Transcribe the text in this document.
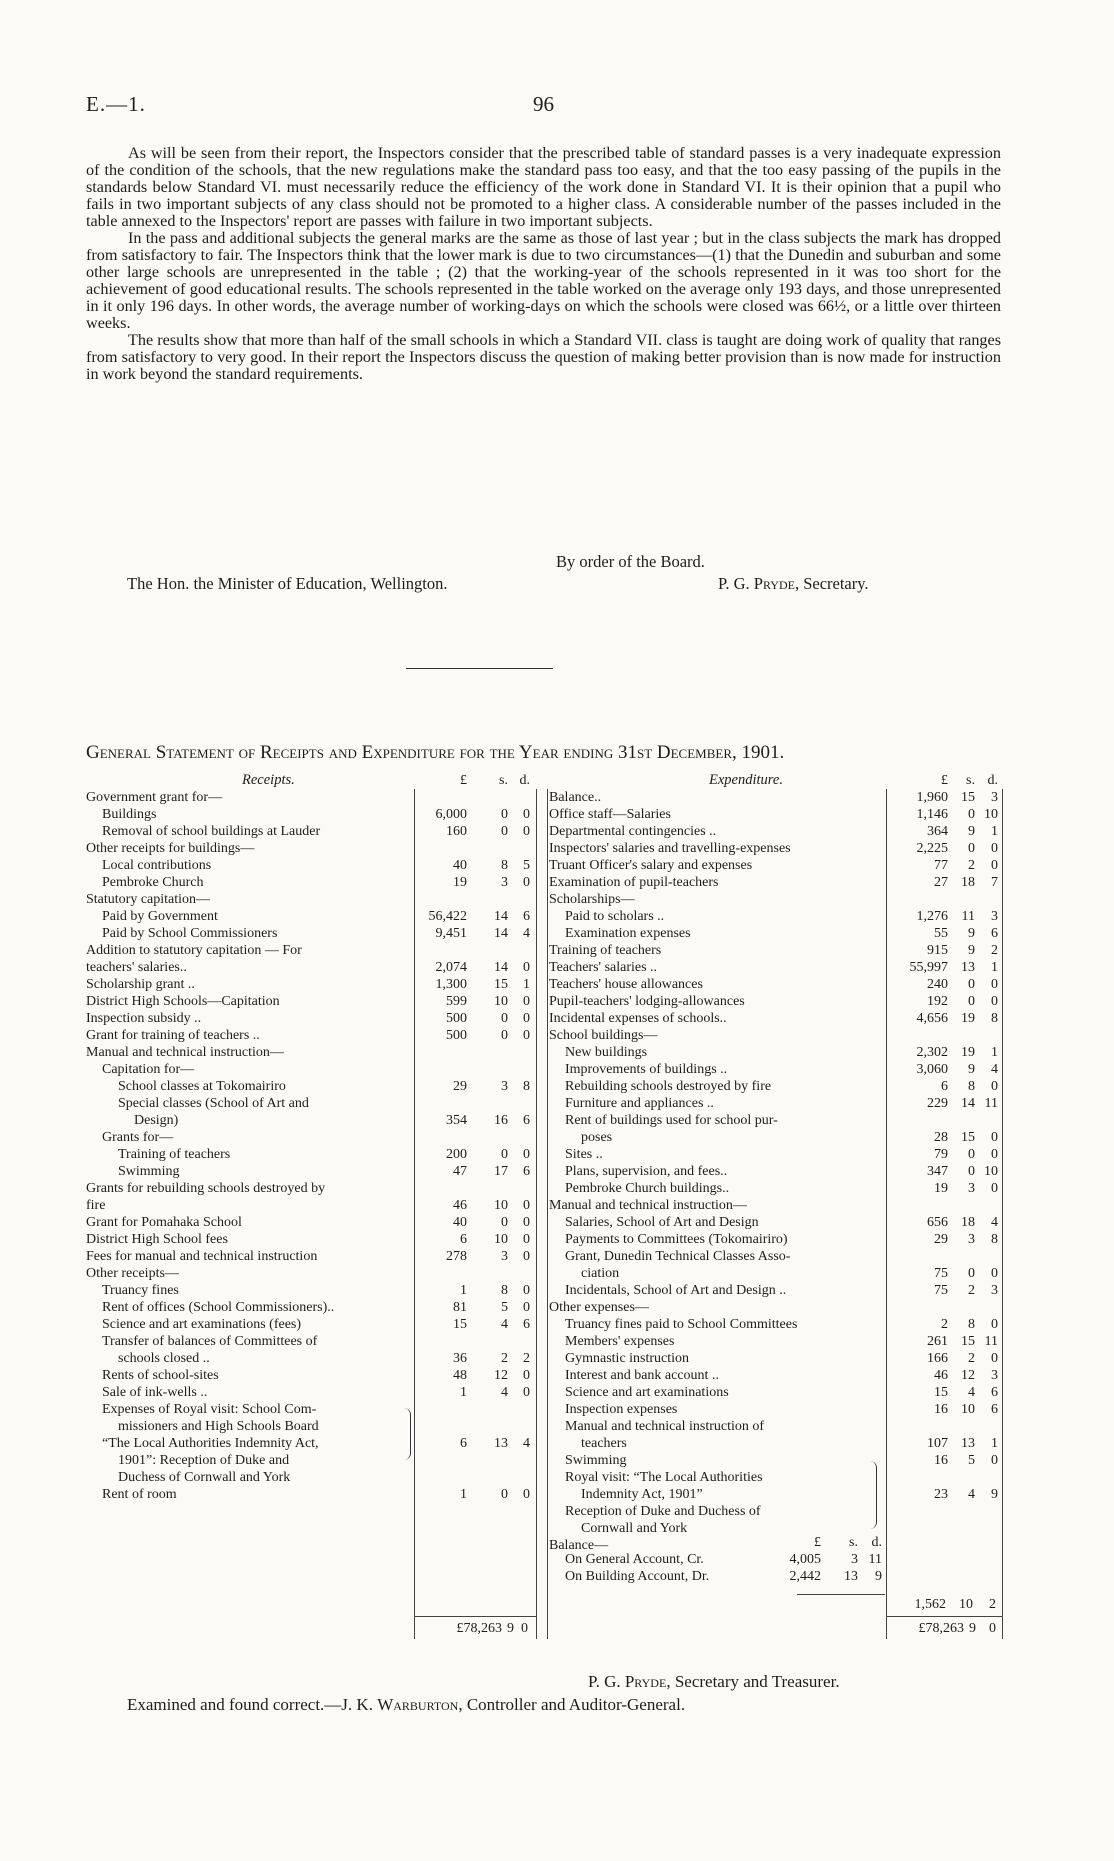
E.—1.	96

As will be seen from their report, the Inspectors consider that the prescribed table of standard passes is a very inadequate expression of the condition of the schools, that the new regulations make the standard pass too easy, and that the too easy passing of the pupils in the standards below Standard VI. must necessarily reduce the efficiency of the work done in Standard VI. It is their opinion that a pupil who fails in two important subjects of any class should not be promoted to a higher class. A considerable number of the passes included in the table annexed to the Inspectors' report are passes with failure in two important subjects.

In the pass and additional subjects the general marks are the same as those of last year ; but in the class subjects the mark has dropped from satisfactory to fair. The Inspectors think that the lower mark is due to two circumstances—(1) that the Dunedin and suburban and some other large schools are unrepresented in the table ; (2) that the working-year of the schools represented in it was too short for the achievement of good educational results. The schools represented in the table worked on the average only 193 days, and those unrepresented in it only 196 days. In other words, the average number of working-days on which the schools were closed was 66½, or a little over thirteen weeks.

The results show that more than half of the small schools in which a Standard VII. class is taught are doing work of quality that ranges from satisfactory to very good. In their report the Inspectors discuss the question of making better provision than is now made for instruction in work beyond the standard requirements.

By order of the Board.
The Hon. the Minister of Education, Wellington.	P. G. Pryde, Secretary.
General Statement of Receipts and Expenditure for the Year ending 31st December, 1901.
Receipts.	£	s. d.
Government grant for—
Buildings	6,000	0	0
Removal of school buildings at Lauder	160	0	0
Other receipts for buildings—
Local contributions	40	8	5
Pembroke Church	19	3	0
Statutory capitation—
Paid by Government	56,422	14	6
Paid by School Commissioners	9,451	14	4
Addition to statutory capitation — For
teachers' salaries..	2,074	14	0
Scholarship grant ..	1,300	15	1
District High Schools—Capitation	599	10	0
Inspection subsidy ..	500	0	0
Grant for training of teachers ..	500	0	0
Manual and technical instruction—
Capitation for—
School classes at Tokomairiro	29	3	8
Special classes (School of Art and
Design)	354	16	6
Grants for—
Training of teachers	200	0	0
Swimming	47	17	6
Grants for rebuilding schools destroyed by
fire	46	10	0
Grant for Pomahaka School	40	0	0
District High School fees	6	10	0
Fees for manual and technical instruction	278	3	0
Other receipts—
Truancy fines	1	8	0
Rent of offices (School Commissioners)..	81	5	0
Science and art examinations (fees)	15	4	6
Transfer of balances of Committees of
schools closed ..	36	2	2
Rents of school-sites	48	12	0
Sale of ink-wells ..	1	4	0
Expenses of Royal visit: School Com-
missioners and High Schools Board
“The Local Authorities Indemnity Act,	6	13	4
1901”: Reception of Duke and
Duchess of Cornwall and York
Rent of room	1	0	0
Expenditure.	£	s. d.
Balance..	1,960 15	3
Office staff—Salaries	1,146	0 10
Departmental contingencies ..	364	9	1
Inspectors' salaries and travelling-expenses	2,225	0	0
Truant Officer's salary and expenses	77	2	0
Examination of pupil-teachers	27 18	7
Scholarships—
Paid to scholars ..	1,276 11	3
Examination expenses	55	9	6
Training of teachers	915	9	2
Teachers' salaries ..	55,997 13	1
Teachers' house allowances	240	0	0
Pupil-teachers' lodging-allowances	192	0	0
Incidental expenses of schools..	4,656 19	8
School buildings—
New buildings	2,302 19	1
Improvements of buildings ..	3,060	9	4
Rebuilding schools destroyed by fire	6	8	0
Furniture and appliances ..	229 14 11
Rent of buildings used for school pur-
poses	28 15	0
Sites ..	79	0	0
Plans, supervision, and fees..	347	0 10
Pembroke Church buildings..	19	3	0
Manual and technical instruction—
Salaries, School of Art and Design	656 18	4
Payments to Committees (Tokomairiro)	29	3	8
Grant, Dunedin Technical Classes Asso-
ciation	75	0	0
Incidentals, School of Art and Design ..	75	2	3
Other expenses—
Truancy fines paid to School Committees	2	8	0
Members' expenses	261 15 11
Gymnastic instruction	166	2	0
Interest and bank account ..	46 12	3
Science and art examinations	15	4	6
Inspection expenses	16 10	6
Manual and technical instruction of
teachers	107 13	1
Swimming	16	5	0
Royal visit: “The Local Authorities
Indemnity Act, 1901”	23	4	9
Reception of Duke and Duchess of
Cornwall and York
Balance—	£	s. d.
On General Account, Cr.	4,005	3 11
On Building Account, Dr.	2,442	13	9
1,562 10 2
£78,263 9 0	£78,263 9 0
P. G. Pryde, Secretary and Treasurer.
Examined and found correct.—J. K. Warburton, Controller and Auditor-General.
